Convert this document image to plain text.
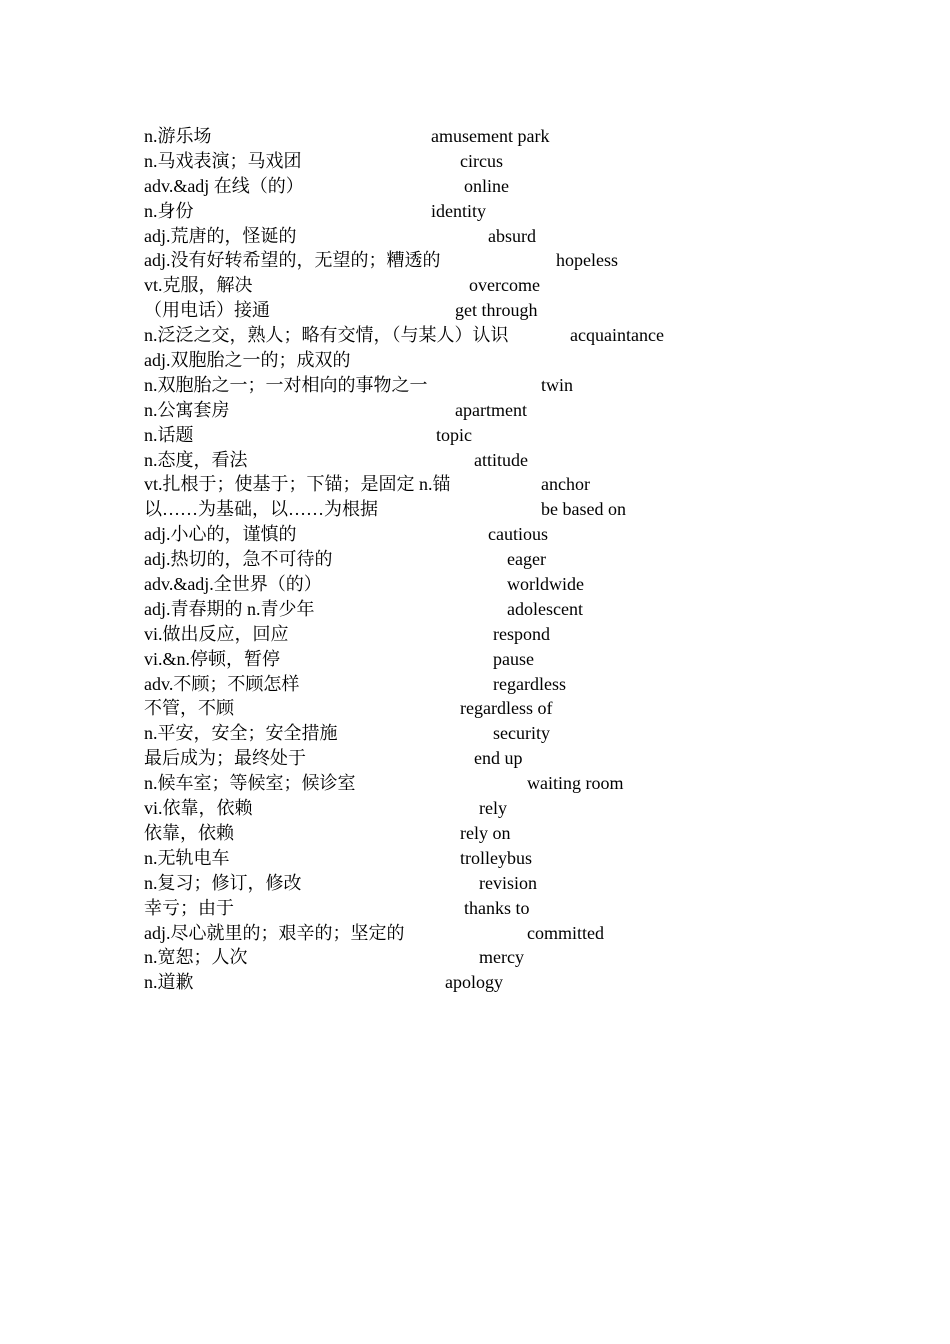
n.游乐场	amusement park
n.马戏表演；马戏团	circus
adv.&adj 在线（的）	online
n.身份	identity
adj.荒唐的，怪诞的	absurd
adj.没有好转希望的，无望的；糟透的	hopeless
vt.克服，解决	overcome
（用电话）接通	get through
n.泛泛之交，熟人；略有交情，（与某人）认识	acquaintance
adj.双胞胎之一的；成双的
n.双胞胎之一；一对相向的事物之一	twin
n.公寓套房	apartment
n.话题	topic
n.态度，看法	attitude
vt.扎根于；使基于；下锚；是固定 n.锚	anchor
以……为基础，以……为根据	be based on
adj.小心的，谨慎的	cautious
adj.热切的，急不可待的	eager
adv.&adj.全世界（的）	worldwide
adj.青春期的 n.青少年	adolescent
vi.做出反应，回应	respond
vi.&n.停顿，暂停	pause
adv.不顾；不顾怎样	regardless
不管，不顾	regardless of
n.平安，安全；安全措施	security
最后成为；最终处于	end up
n.候车室；等候室；候诊室	waiting room
vi.依靠，依赖	rely
依靠，依赖	rely on
n.无轨电车	trolleybus
n.复习；修订，修改	revision
幸亏；由于	thanks to
adj.尽心就里的；艰辛的；坚定的	committed
n.宽恕；人次	mercy
n.道歉	apology
